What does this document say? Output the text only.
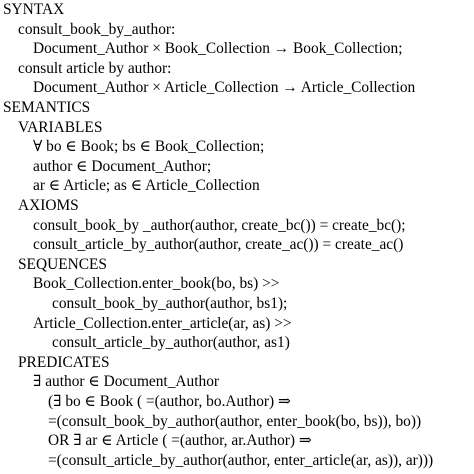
SYNTAX
consult_book_by_author:
Document_Author × Book_Collection → Book_Collection;
consult article by author:
Document_Author × Article_Collection → Article_Collection
SEMANTICS
VARIABLES
∀ bo ∈ Book; bs ∈ Book_Collection;
author ∈ Document_Author;
ar ∈ Article; as ∈ Article_Collection
AXIOMS
consult_book_by _author(author, create_bc()) = create_bc();
consult_article_by_author(author, create_ac()) = create_ac()
SEQUENCES
Book_Collection.enter_book(bo, bs) >>
consult_book_by_author(author, bs1);
Article_Collection.enter_article(ar, as) >>
consult_article_by_author(author, as1)
PREDICATES
∃ author ∈ Document_Author
(∃ bo ∈ Book ( =(author, bo.Author) ⇒
=(consult_book_by_author(author, enter_book(bo, bs)), bo))
OR ∃ ar ∈ Article ( =(author, ar.Author) ⇒
=(consult_article_by_author(author, enter_article(ar, as)), ar)))
